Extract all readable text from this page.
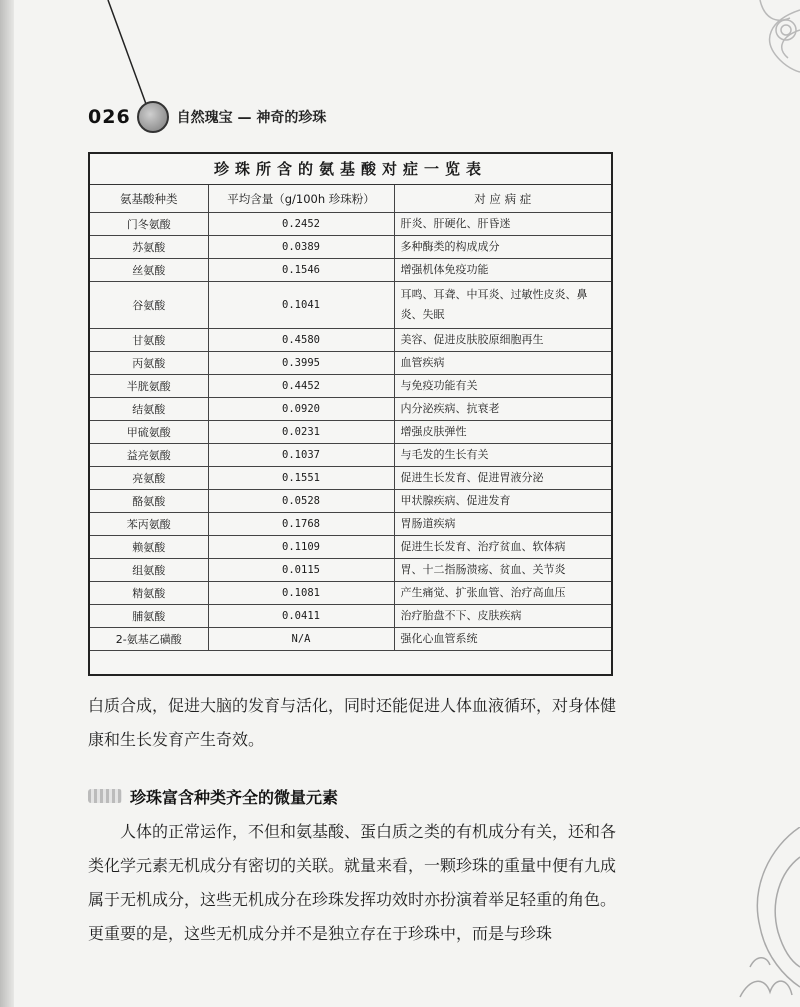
026	自然瑰宝 — 神奇的珍珠
珍珠所含的氨基酸对症一览表
氨基酸种类	平均含量（g/100h 珍珠粉）	对 应 病 症
门冬氨酸	0.2452	肝炎、肝硬化、肝昏迷
苏氨酸	0.0389	多种酶类的构成成分
丝氨酸	0.1546	增强机体免疫功能
谷氨酸	0.1041	耳鸣、耳聋、中耳炎、过敏性皮炎、鼻炎、失眠
甘氨酸	0.4580	美容、促进皮肤胶原细胞再生
丙氨酸	0.3995	血管疾病
半胱氨酸	0.4452	与免疫功能有关
结氨酸	0.0920	内分泌疾病、抗衰老
甲硫氨酸	0.0231	增强皮肤弹性
益亮氨酸	0.1037	与毛发的生长有关
亮氨酸	0.1551	促进生长发育、促进胃液分泌
酪氨酸	0.0528	甲状腺疾病、促进发育
苯丙氨酸	0.1768	胃肠道疾病
赖氨酸	0.1109	促进生长发育、治疗贫血、软体病
组氨酸	0.0115	胃、十二指肠溃疡、贫血、关节炎
精氨酸	0.1081	产生痛觉、扩张血管、治疗高血压
脯氨酸	0.0411	治疗胎盘不下、皮肤疾病
2-氨基乙磺酸	N/A	强化心血管系统
白质合成，促进大脑的发育与活化，同时还能促进人体血液循环，对身体健康和生长发育产生奇效。
珍珠富含种类齐全的微量元素
人体的正常运作，不但和氨基酸、蛋白质之类的有机成分有关，还和各类化学元素无机成分有密切的关联。就量来看，一颗珍珠的重量中便有九成属于无机成分，这些无机成分在珍珠发挥功效时亦扮演着举足轻重的角色。更重要的是，这些无机成分并不是独立存在于珍珠中，而是与珍珠
